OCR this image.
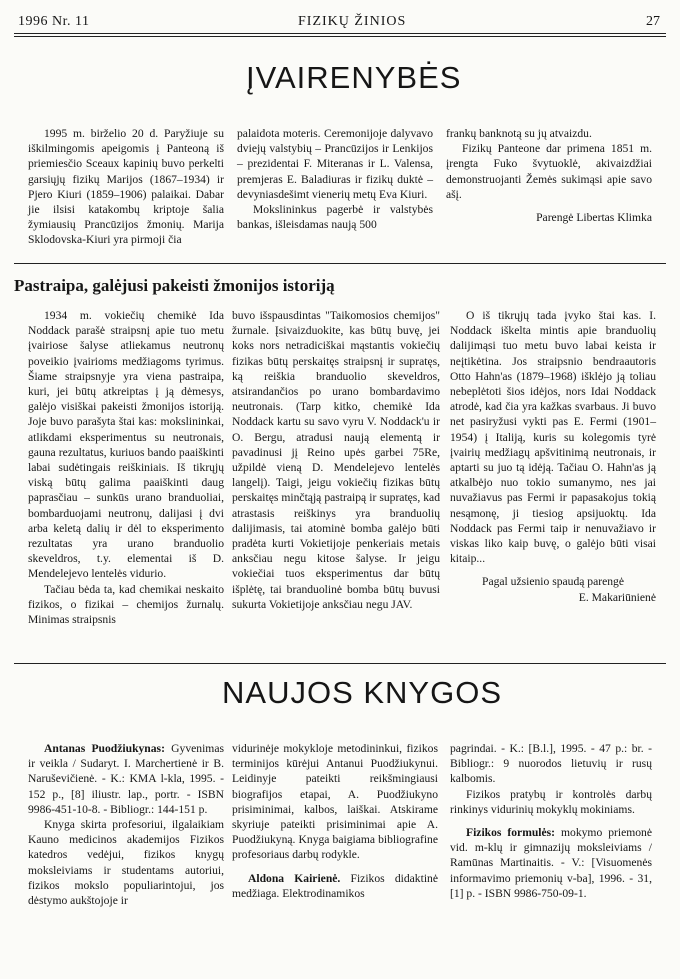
1996 Nr. 11	FIZIKŲ ŽINIOS	27
ĮVAIRENYBĖS

1995 m. birželio 20 d. Paryžiuje su iškilmingomis apeigomis į Panteoną iš priemiesčio Sceaux kapinių buvo perkelti garsiųjų fizikų Marijos (1867–1934) ir Pjero Kiuri (1859–1906) palaikai. Dabar jie ilsisi katakombų kriptoje šalia žymiausių Prancūzijos žmonių. Marija Sklodovska-Kiuri yra pirmoji čia

palaidota moteris. Ceremonijoje dalyvavo dviejų valstybių – Prancūzijos ir Lenkijos – prezidentai F. Miteranas ir L. Valensa, premjeras E. Baladiuras ir fizikų duktė – devyniasdešimt vienerių metų Eva Kiuri.

Mokslininkus pagerbė ir valstybės bankas, išleisdamas naują 500

frankų banknotą su jų atvaizdu.

Fizikų Panteone dar primena 1851 m. įrengta Fuko švytuoklė, akivaizdžiai demonstruojanti Žemės sukimąsi apie savo ašį.

Parengė Libertas Klimka

Pastraipa, galėjusi pakeisti žmonijos istoriją

1934 m. vokiečių chemikė Ida Noddack parašė straipsnį apie tuo metu įvairiose šalyse atliekamus neutronų poveikio įvairioms medžiagoms tyrimus. Šiame straipsnyje yra viena pastraipa, kuri, jei būtų atkreiptas į ją dėmesys, galėjo visiškai pakeisti žmonijos istoriją. Joje buvo parašyta štai kas: mokslininkai, atlikdami eksperimentus su neutronais, gauna rezultatus, kuriuos bando paaiškinti labai sudėtingais reiškiniais. Iš tikrųjų viską būtų galima paaiškinti daug paprasčiau – sunkūs urano branduoliai, bombarduojami neutronų, dalijasi į dvi arba keletą dalių ir dėl to eksperimento rezultatas yra urano branduolio skeveldros, t.y. elementai iš D. Mendelejevo lentelės vidurio.

Tačiau bėda ta, kad chemikai neskaito fizikos, o fizikai – chemijos žurnalų. Minimas straipsnis

buvo išspausdintas "Taikomosios chemijos" žurnale. Įsivaizduokite, kas būtų buvę, jei koks nors netradiciškai mąstantis vokiečių fizikas būtų perskaitęs straipsnį ir supratęs, ką reiškia branduolio skeveldros, atsirandančios po urano bombardavimo neutronais. (Tarp kitko, chemikė Ida Noddack kartu su savo vyru V. Noddack'u ir O. Bergu, atradusi naują elementą ir pavadinusi jį Reino upės garbei 75Re, užpildė vieną D. Mendelejevo lentelės langelį). Taigi, jeigu vokiečių fizikas būtų perskaitęs minčtąją pastraipą ir supratęs, kad atrastasis reiškinys yra branduolių dalijimasis, tai atominė bomba galėjo būti pradėta kurti Vokietijoje penkeriais metais anksčiau negu kitose šalyse. Ir jeigu vokiečiai tuos eksperimentus dar būtų išplėtę, tai branduolinė bomba būtų buvusi sukurta Vokietijoje anksčiau negu JAV.

O iš tikrųjų tada įvyko štai kas. I. Noddack iškelta mintis apie branduolių dalijimąsi tuo metu buvo labai keista ir neįtikėtina. Jos straipsnio bendraautoris Otto Hahn'as (1879–1968) išklėjo ją toliau nebeplėtoti šios idėjos, nors Idai Noddack atrodė, kad čia yra kažkas svarbaus. Ji buvo net pasiryžusi vykti pas E. Fermi (1901–1954) į Italiją, kuris su kolegomis tyrė įvairių medžiagų apšvitinimą neutronais, ir aptarti su juo tą idėją. Tačiau O. Hahn'as ją atkalbėjo nuo tokio sumanymo, nes jai nuvažiavus pas Fermi ir papasakojus tokią nesąmonę, ji tiesiog apsijuoktų. Ida Noddack pas Fermi taip ir nenuvažiavo ir viskas liko kaip buvę, o galėjo būti visai kitaip...

Pagal užsienio spaudą parengė

E. Makariūnienė

NAUJOS KNYGOS

Antanas Puodžiukynas: Gyvenimas ir veikla / Sudaryt. I. Marchertienė ir B. Naruševičienė. - K.: KMA l-kla, 1995. - 152 p., [8] iliustr. lap., portr. - ISBN 9986-451-10-8. - Bibliogr.: 144-151 p.

Knyga skirta profesoriui, ilgalaikiam Kauno medicinos akademijos Fizikos katedros vedėjui, fizikos knygų moksleiviams ir studentams autoriui, fizikos mokslo populiarintojui, jos dėstymo aukštojoje ir

vidurinėje mokykloje metodininkui, fizikos terminijos kūrėjui Antanui Puodžiukynui. Leidinyje pateikti reikšmingiausi biografijos etapai, A. Puodžiukyno prisiminimai, kalbos, laiškai. Atskirame skyriuje pateikti prisiminimai apie A. Puodžiukyną. Knyga baigiama bibliografine profesoriaus darbų rodykle.

Aldona Kairienė. Fizikos didaktinė medžiaga. Elektrodinamikos

pagrindai. - K.: [B.l.], 1995. - 47 p.: br. - Bibliogr.: 9 nuorodos lietuvių ir rusų kalbomis.

Fizikos pratybų ir kontrolės darbų rinkinys vidurinių mokyklų mokiniams.

Fizikos formulės: mokymo priemonė vid. m-klų ir gimnazijų moksleiviams / Ramūnas Martinaitis. - V.: [Visuomenės informavimo priemonių v-ba], 1996. - 31, [1] p. - ISBN 9986-750-09-1.
